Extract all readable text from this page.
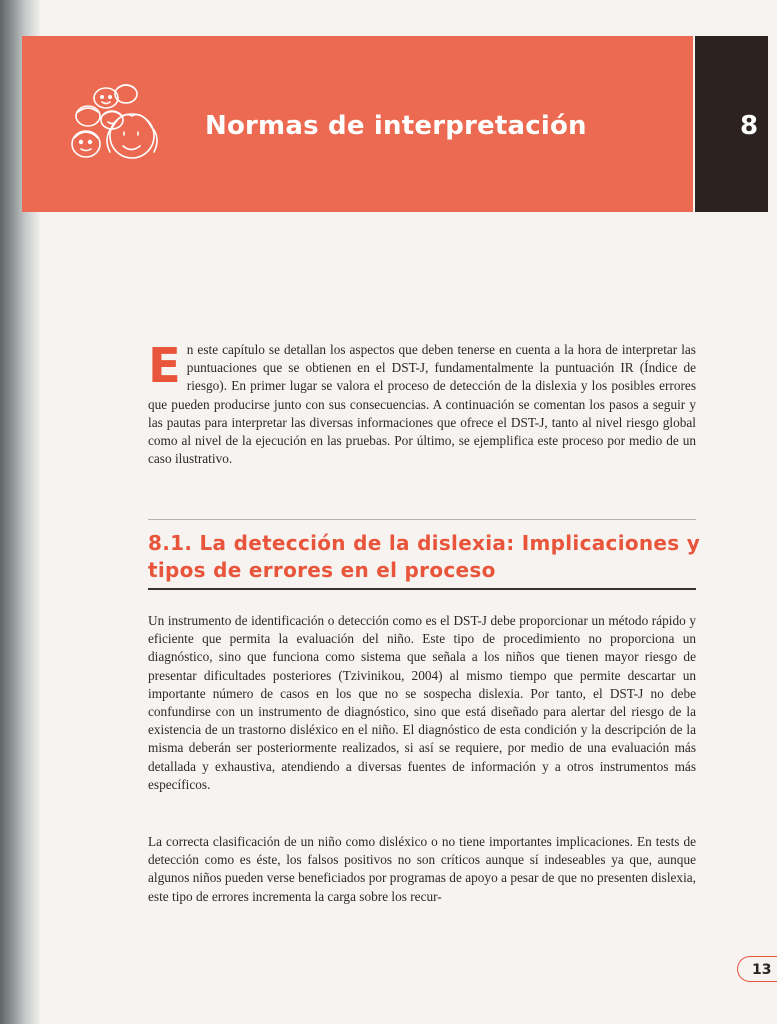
Normas de interpretación	8

En este capítulo se detallan los aspectos que deben tenerse en cuenta a la hora de interpretar las puntuaciones que se obtienen en el DST-J, fundamentalmente la puntuación IR (Índice de riesgo). En primer lugar se valora el proceso de detección de la dislexia y los posibles errores que pueden producirse junto con sus consecuencias. A continuación se comentan los pasos a seguir y las pautas para interpretar las diversas informaciones que ofrece el DST-J, tanto al nivel riesgo global como al nivel de la ejecución en las pruebas. Por último, se ejemplifica este proceso por medio de un caso ilustrativo.

8.1. La detección de la dislexia: Implicaciones y tipos de errores en el proceso

Un instrumento de identificación o detección como es el DST-J debe proporcionar un método rápido y eficiente que permita la evaluación del niño. Este tipo de procedimiento no proporciona un diagnóstico, sino que funciona como sistema que señala a los niños que tienen mayor riesgo de presentar dificultades posteriores (Tzivinikou, 2004) al mismo tiempo que permite descartar un importante número de casos en los que no se sospecha dislexia. Por tanto, el DST-J no debe confundirse con un instrumento de diagnóstico, sino que está diseñado para alertar del riesgo de la existencia de un trastorno disléxico en el niño. El diagnóstico de esta condición y la descripción de la misma deberán ser posteriormente realizados, si así se requiere, por medio de una evaluación más detallada y exhaustiva, atendiendo a diversas fuentes de información y a otros instrumentos más específicos.

La correcta clasificación de un niño como disléxico o no tiene importantes implicaciones. En tests de detección como es éste, los falsos positivos no son críticos aunque sí indeseables ya que, aunque algunos niños pueden verse beneficiados por programas de apoyo a pesar de que no presenten dislexia, este tipo de errores incrementa la carga sobre los recur-

13
